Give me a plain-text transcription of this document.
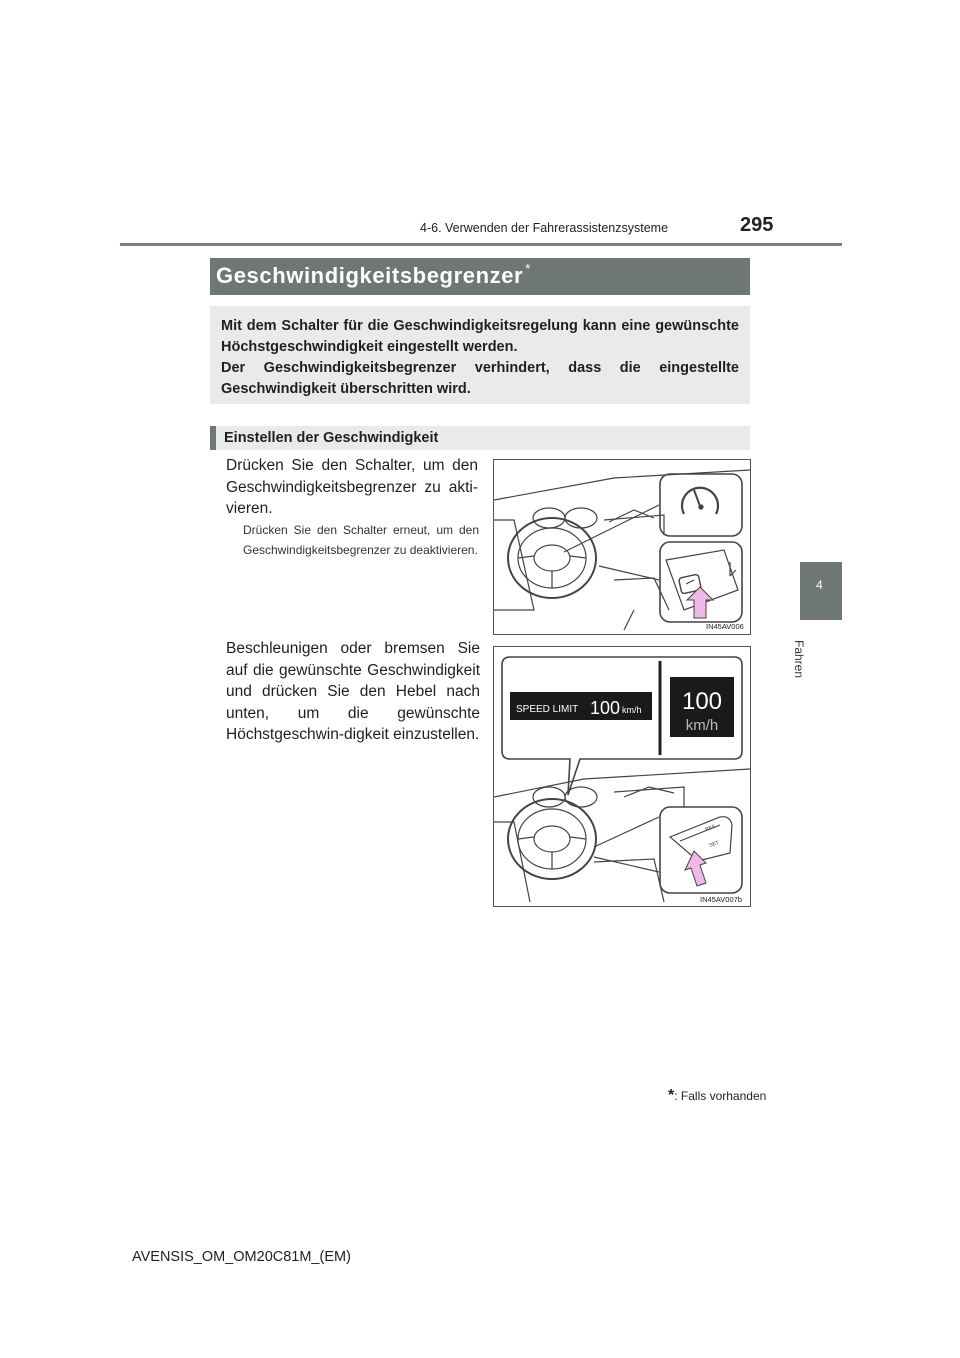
4-6. Verwenden der Fahrerassistenzsysteme	295
4
Fahren
Geschwindigkeitsbegrenzer *

Mit dem Schalter für die Geschwindigkeitsregelung kann eine gewünschte Höchstgeschwindigkeit eingestellt werden.

Der Geschwindigkeitsbegrenzer verhindert, dass die eingestellte Geschwindigkeit überschritten wird.

Einstellen der Geschwindigkeit
Drücken Sie den Schalter, um den Geschwindigkeitsbegrenzer zu akti-vieren.
Drücken Sie den Schalter erneut, um den Geschwindigkeitsbegrenzer zu deaktivieren.
Beschleunigen oder bremsen Sie auf die gewünschte Geschwindigkeit und drücken Sie den Hebel nach unten, um die gewünschte Höchstgeschwin-digkeit einzustellen.
IN45AV006
SPEED LIMIT 100 km/h 100
km/h
RES
SET
IN45AV007b
*: Falls vorhanden
AVENSIS_OM_OM20C81M_(EM)
